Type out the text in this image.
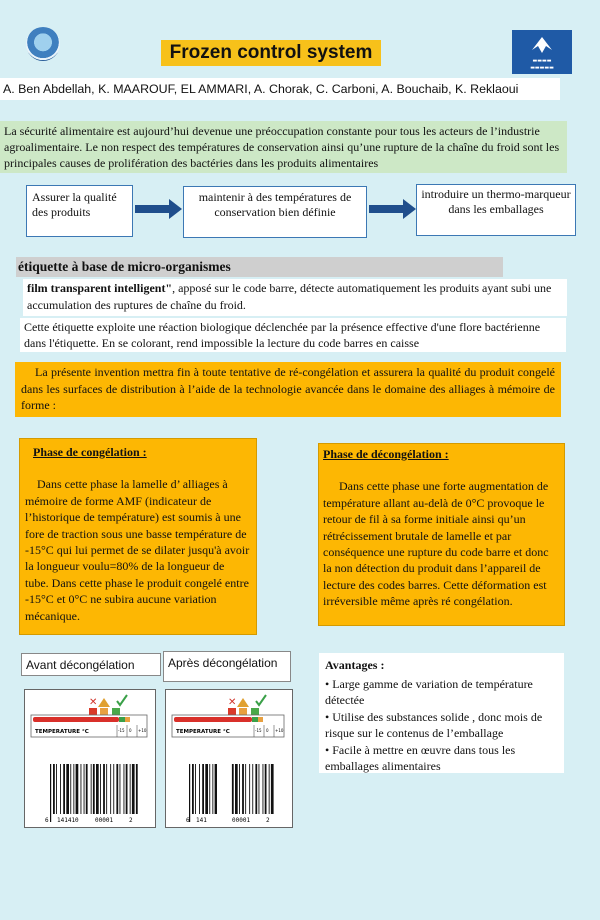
▬▬▬▬
▬▬▬▬▬
Frozen control system
A. Ben Abdellah, K. MAAROUF, EL AMMARI, A. Chorak, C. Carboni, A. Bouchaib, K. Reklaoui
La sécurité alimentaire est aujourd’hui devenue une préoccupation constante pour tous les acteurs de l’industrie agroalimentaire. Le non respect des températures de conservation ainsi qu’une rupture de la chaîne du froid sont les principales causes de prolifération des bactéries dans les produits alimentaires
Assurer la qualité des produits
maintenir à des températures de conservation bien définie
introduire un thermo-marqueur dans les emballages
étiquette à base de micro-organismes
film transparent intelligent", apposé sur le code barre, détecte automatiquement les produits ayant subi une accumulation des ruptures de chaîne du froid.
Cette étiquette exploite une réaction biologique déclenchée par la présence effective d'une flore bactérienne dans l'étiquette. En se colorant, rend impossible la lecture du code barres en caisse
La présente invention mettra fin à toute tentative de ré-congélation et assurera la qualité du produit congelé dans les surfaces de distribution à l’aide de la technologie avancée dans le domaine des alliages à mémoire de forme :
Phase de congélation :

Dans cette phase la lamelle d’ alliages à mémoire de forme AMF (indicateur de l’historique de température) est soumis à une fore de traction sous une basse température de -15°C qui lui permet de se dilater jusqu'à avoir la longueur voulu=80% de la longueur de tube. Dans cette phase le produit congelé entre -15°C et 0°C ne subira aucune variation mécanique.

Phase de décongélation :

Dans cette phase une forte augmentation de température allant au-delà de 0°C provoque le retour de fil à sa forme initiale ainsi qu’un rétrécissement brutale de lamelle et par conséquence une rupture du code barre et donc la non détection du produit dans l’appareil de lecture des codes barres. Cette déformation est irréversible même après ré congélation.

Avant décongélation	Après décongélation
✕
TEMPERATURE °C	-15 0 +10
6 141410	00001	2
✕
TEMPERATURE °C	-15 0 +10
6 141	00001	2
Avantages :

• Large gamme de variation de température détectée

• Utilise des substances solide , donc mois de risque sur le contenus de l’emballage

• Facile à mettre en œuvre dans tous les emballages alimentaires
